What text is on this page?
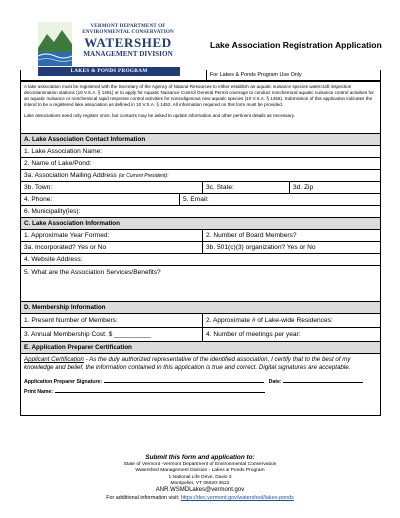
VERMONT DEPARTMENT OF ENVIRONMENTAL CONSERVATION
WATERSHED
MANAGEMENT DIVISION
LAKES & PONDS PROGRAM
Lake Association Registration Application
For Lakes & Ponds Program Use Only

A lake association must be registered with the Secretary of the Agency of Natural Resources to either establish an aquatic nuisance species watercraft inspection decontamination stations (10 V.S.A. § 1461) or to apply for Aquatic Nuisance Control General Permit coverage to conduct nonchemical aquatic nuisance control activities for an aquatic nuisance or nonchemical rapid response control activities for nonindigenous new aquatic species (10 V.S.A. § 1455). Submission of this application indicates the intend to be a registered lake association as defined in 10 V.S.A. § 1452. All information required on this form must be provided.

Lake associations need only register once, but contacts may be asked to update information and other pertinent details as necessary.

A. Lake Association Contact Information
1. Lake Association Name:
2. Name of Lake/Pond:
3a. Association Mailing Address (or Current President):
3b. Town:	3c. State:	3d. Zip
4. Phone:	5. Email:
6. Municipality(ies):
C. Lake Association Information
1. Approximate Year Formed:	2. Number of Board Members?
3a. Incorporated? Yes or No	3b. 501(c)(3) organization? Yes or No
4. Website Address:
5. What are the Association Services/Benefits?
D. Membership Information
1. Present Number of Members:	2. Approximate # of Lake-wide Residences:
3. Annual Membership Cost: $ __________	4. Number of meetings per year:
E. Application Preparer Certification
Applicant Certification - As the duly authorized representative of the identified association, I certify that to the best of my knowledge and belief, the information contained in this application is true and correct. Digital signatures are acceptable.
Application Preparer Signature:	Date:
Print Name:
Submit this form and application to:
State of Vermont -Vermont Department of Environmental Conservation
Watershed Management Division - Lakes & Ponds Program
1 National Life Drive, Davis 3
Montpelier, VT 05620-3522
ANR.WSMDLakes@vermont.gov
For additional information visit: https://dec.vermont.gov/watershed/lakes-ponds
